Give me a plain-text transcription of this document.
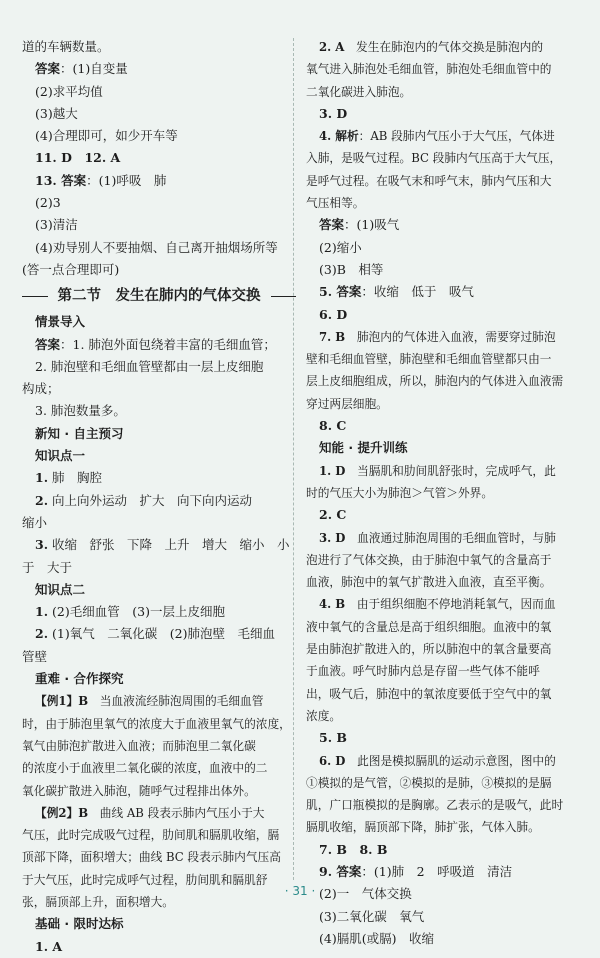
道的车辆数量。
答案：(1)自变量
(2)求平均值
(3)越大
(4)合理即可，如少开车等
11. D　12. A
13. 答案：(1)呼吸　肺
(2)3
(3)清洁
(4)劝导别人不要抽烟、自己离开抽烟场所等
(答一点合理即可)
第二节　发生在肺内的气体交换
情景导入
答案：1. 肺泡外面包绕着丰富的毛细血管；
2. 肺泡壁和毛细血管壁都由一层上皮细胞
构成；
3. 肺泡数量多。
新知 · 自主预习
知识点一
1. 肺　胸腔
2. 向上向外运动　扩大　向下向内运动
缩小
3. 收缩　舒张　下降　上升　增大　缩小　小
于　大于
知识点二
1. (2)毛细血管　(3)一层上皮细胞
2. (1)氧气　二氧化碳　(2)肺泡壁　毛细血
管壁
重难 · 合作探究
【例1】B　当血液流经肺泡周围的毛细血管
时，由于肺泡里氧气的浓度大于血液里氧气的浓度，
氧气由肺泡扩散进入血液；而肺泡里二氧化碳
的浓度小于血液里二氧化碳的浓度，血液中的二
氧化碳扩散进入肺泡，随呼气过程排出体外。
【例2】B　曲线 AB 段表示肺内气压小于大
气压，此时完成吸气过程，肋间肌和膈肌收缩，膈
顶部下降，面积增大；曲线 BC 段表示肺内气压高
于大气压，此时完成呼气过程，肋间肌和膈肌舒
张，膈顶部上升，面积增大。
基础 · 限时达标
1. A
2. A　发生在肺泡内的气体交换是肺泡内的
氧气进入肺泡处毛细血管，肺泡处毛细血管中的
二氧化碳进入肺泡。
3. D
4. 解析：AB 段肺内气压小于大气压，气体进
入肺，是吸气过程。BC 段肺内气压高于大气压，
是呼气过程。在吸气末和呼气末，肺内气压和大
气压相等。
答案：(1)吸气
(2)缩小
(3)B　相等
5. 答案：收缩　低于　吸气
6. D
7. B　肺泡内的气体进入血液，需要穿过肺泡
壁和毛细血管壁，肺泡壁和毛细血管壁都只由一
层上皮细胞组成，所以，肺泡内的气体进入血液需
穿过两层细胞。
8. C
知能 · 提升训练
1. D　当膈肌和肋间肌舒张时，完成呼气，此
时的气压大小为肺泡＞气管＞外界。
2. C
3. D　血液通过肺泡周围的毛细血管时，与肺
泡进行了气体交换，由于肺泡中氧气的含量高于
血液，肺泡中的氧气扩散进入血液，直至平衡。
4. B　由于组织细胞不停地消耗氧气，因而血
液中氧气的含量总是高于组织细胞。血液中的氧
是由肺泡扩散进入的，所以肺泡中的氧含量要高
于血液。呼气时肺内总是存留一些气体不能呼
出，吸气后，肺泡中的氧浓度要低于空气中的氧
浓度。
5. B
6. D　此图是模拟膈肌的运动示意图，图中的
①模拟的是气管，②模拟的是肺，③模拟的是膈
肌，广口瓶模拟的是胸廓。乙表示的是吸气，此时
膈肌收缩，膈顶部下降，肺扩张，气体入肺。
7. B　8. B
9. 答案：(1)肺　2　呼吸道　清洁
(2)一　气体交换
(3)二氧化碳　氧气
(4)膈肌(或膈)　收缩
· 31 ·
